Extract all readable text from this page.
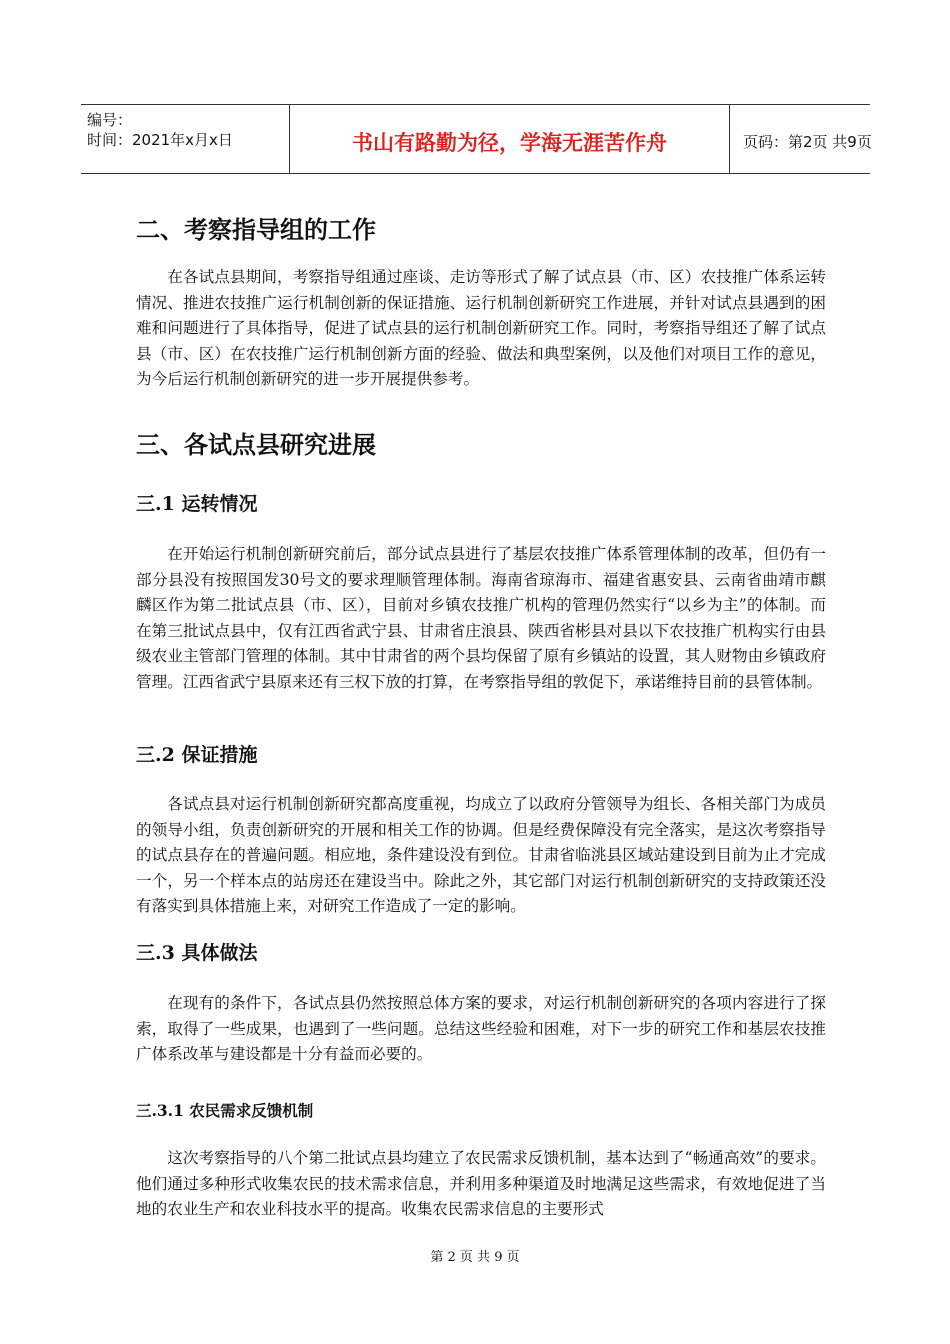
编号：
时间：2021年x月x日	书山有路勤为径，学海无涯苦作舟	页码：第2页 共9页
二、考察指导组的工作
在各试点县期间，考察指导组通过座谈、走访等形式了解了试点县（市、区）农技推广体系运转情况、推进农技推广运行机制创新的保证措施、运行机制创新研究工作进展，并针对试点县遇到的困难和问题进行了具体指导，促进了试点县的运行机制创新研究工作。同时，考察指导组还了解了试点县（市、区）在农技推广运行机制创新方面的经验、做法和典型案例，以及他们对项目工作的意见，为今后运行机制创新研究的进一步开展提供参考。
三、各试点县研究进展
三.1 运转情况
在开始运行机制创新研究前后，部分试点县进行了基层农技推广体系管理体制的改革，但仍有一部分县没有按照国发30号文的要求理顺管理体制。海南省琼海市、福建省惠安县、云南省曲靖市麒麟区作为第二批试点县（市、区），目前对乡镇农技推广机构的管理仍然实行“以乡为主”的体制。而在第三批试点县中，仅有江西省武宁县、甘肃省庄浪县、陕西省彬县对县以下农技推广机构实行由县级农业主管部门管理的体制。其中甘肃省的两个县均保留了原有乡镇站的设置，其人财物由乡镇政府管理。江西省武宁县原来还有三权下放的打算，在考察指导组的敦促下，承诺维持目前的县管体制。
三.2 保证措施
各试点县对运行机制创新研究都高度重视，均成立了以政府分管领导为组长、各相关部门为成员的领导小组，负责创新研究的开展和相关工作的协调。但是经费保障没有完全落实，是这次考察指导的试点县存在的普遍问题。相应地，条件建设没有到位。甘肃省临洮县区域站建设到目前为止才完成一个，另一个样本点的站房还在建设当中。除此之外，其它部门对运行机制创新研究的支持政策还没有落实到具体措施上来，对研究工作造成了一定的影响。
三.3 具体做法
在现有的条件下，各试点县仍然按照总体方案的要求，对运行机制创新研究的各项内容进行了探索，取得了一些成果，也遇到了一些问题。总结这些经验和困难，对下一步的研究工作和基层农技推广体系改革与建设都是十分有益而必要的。
三.3.1 农民需求反馈机制
这次考察指导的八个第二批试点县均建立了农民需求反馈机制，基本达到了“畅通高效”的要求。他们通过多种形式收集农民的技术需求信息，并利用多种渠道及时地满足这些需求，有效地促进了当地的农业生产和农业科技水平的提高。收集农民需求信息的主要形式
第 2 页 共 9 页
